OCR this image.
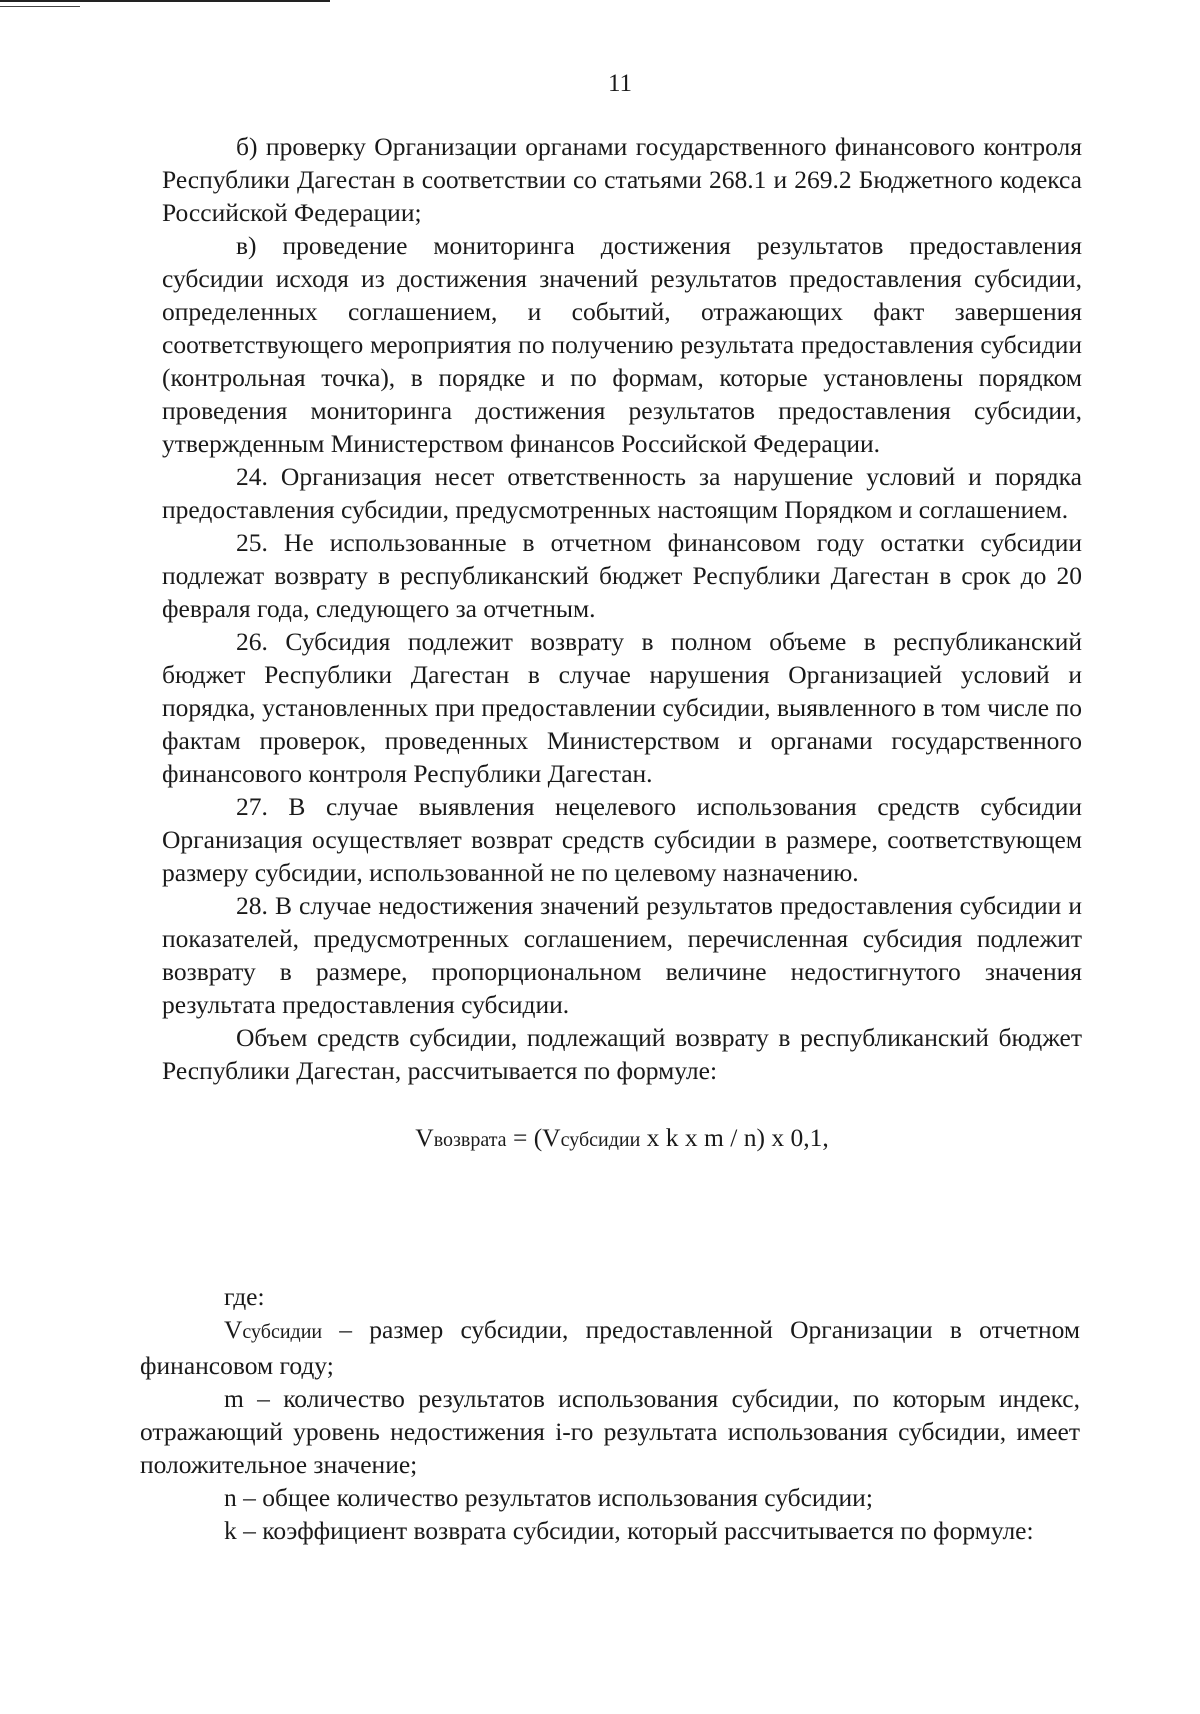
11

б) проверку Организации органами государственного финансового контроля Республики Дагестан в соответствии со статьями 268.1 и 269.2 Бюджетного кодекса Российской Федерации;

в) проведение мониторинга достижения результатов предоставления субсидии исходя из достижения значений результатов предоставления субсидии, определенных соглашением, и событий, отражающих факт завершения соответствующего мероприятия по получению результата предоставления субсидии (контрольная точка), в порядке и по формам, которые установлены порядком проведения мониторинга достижения результатов предоставления субсидии, утвержденным Министерством финансов Российской Федерации.

24. Организация несет ответственность за нарушение условий и порядка предоставления субсидии, предусмотренных настоящим Порядком и соглашением.

25. Не использованные в отчетном финансовом году остатки субсидии подлежат возврату в республиканский бюджет Республики Дагестан в срок до 20 февраля года, следующего за отчетным.

26. Субсидия подлежит возврату в полном объеме в республиканский бюджет Республики Дагестан в случае нарушения Организацией условий и порядка, установленных при предоставлении субсидии, выявленного в том числе по фактам проверок, проведенных Министерством и органами государственного финансового контроля Республики Дагестан.

27. В случае выявления нецелевого использования средств субсидии Организация осуществляет возврат средств субсидии в размере, соответствующем размеру субсидии, использованной не по целевому назначению.

28. В случае недостижения значений результатов предоставления субсидии и показателей, предусмотренных соглашением, перечисленная субсидия подлежит возврату в размере, пропорциональном величине недостигнутого значения результата предоставления субсидии.

Объем средств субсидии, подлежащий возврату в республиканский бюджет Республики Дагестан, рассчитывается по формуле:

Vвозврата = (Vсубсидии x k x m / n) x 0,1,

где:

Vсубсидии – размер субсидии, предоставленной Организации в отчетном финансовом году;

m – количество результатов использования субсидии, по которым индекс, отражающий уровень недостижения i-го результата использования субсидии, имеет положительное значение;

n – общее количество результатов использования субсидии;

k – коэффициент возврата субсидии, который рассчитывается по формуле:
